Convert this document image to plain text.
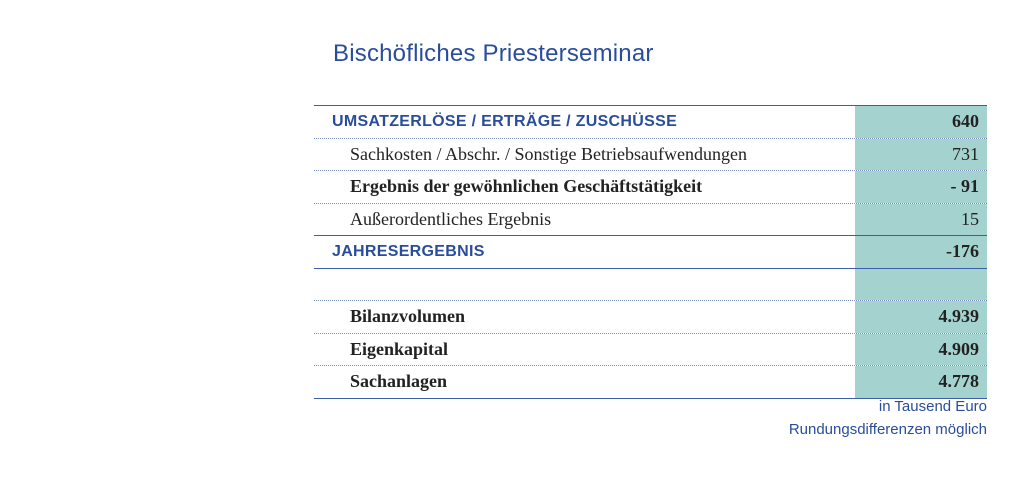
Bischöfliches Priesterseminar
UMSATZERLÖSE / ERTRÄGE / ZUSCHÜSSE	640
Sachkosten / Abschr. / Sonstige Betriebsaufwendungen	731
Ergebnis der gewöhnlichen Geschäftstätigkeit	- 91
Außerordentliches Ergebnis	15
JAHRESERGEBNIS	-176
Bilanzvolumen	4.939
Eigenkapital	4.909
Sachanlagen	4.778
in Tausend Euro
Rundungsdifferenzen möglich
